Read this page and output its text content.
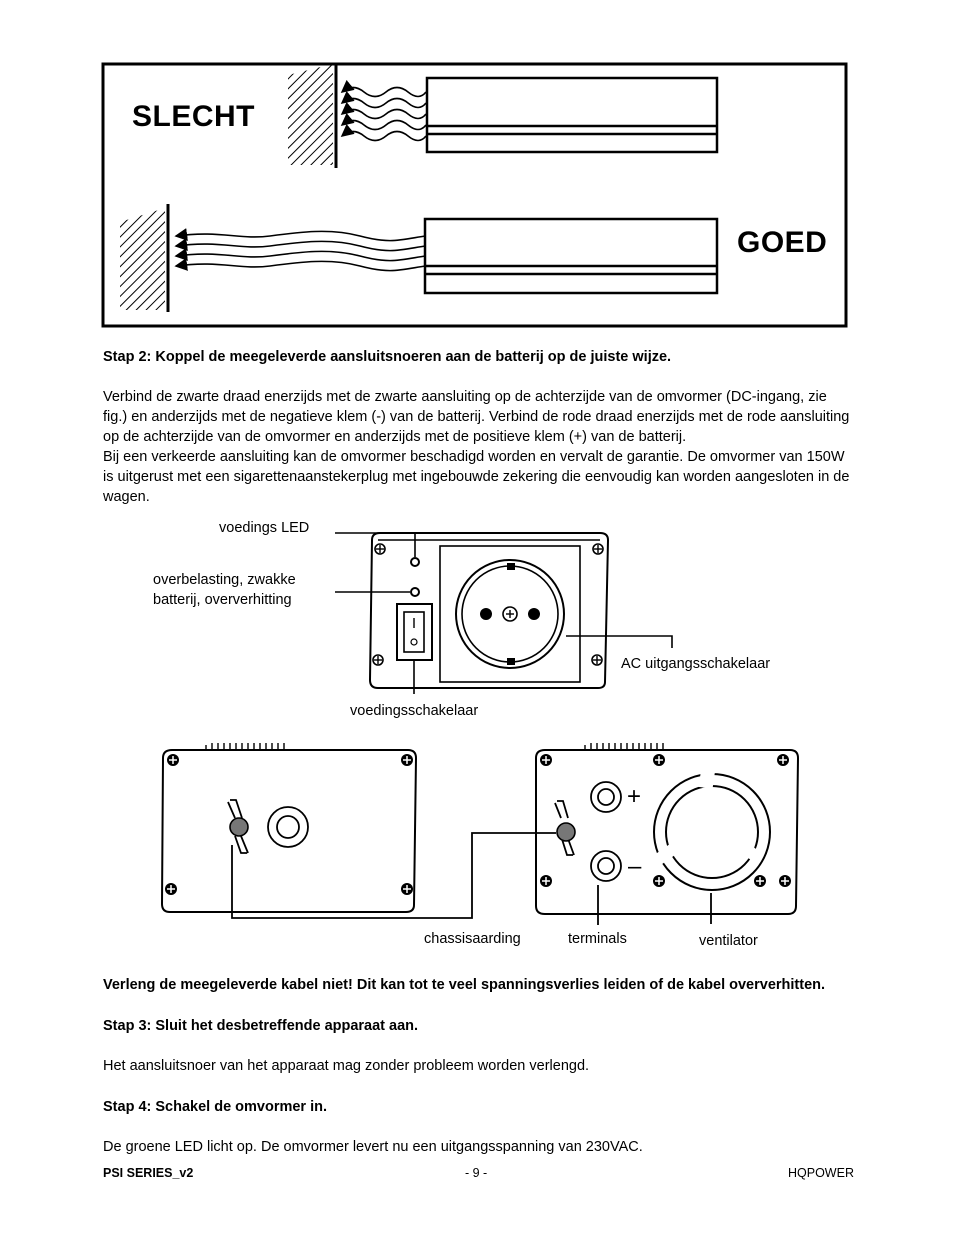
SLECHT
GOED
Stap 2: Koppel de meegeleverde aansluitsnoeren aan de batterij op de juiste wijze.
Verbind de zwarte draad enerzijds met de zwarte aansluiting op de achterzijde van de omvormer (DC-ingang, zie
fig.) en anderzijds met de negatieve klem (-) van de batterij. Verbind de rode draad enerzijds met de rode aansluiting
op de achterzijde van de omvormer en anderzijds met de positieve klem (+) van de batterij.
Bij een verkeerde aansluiting kan de omvormer beschadigd worden en vervalt de garantie. De omvormer van 150W
is uitgerust met een sigarettenaanstekerplug met ingebouwde zekering die eenvoudig kan worden aangesloten in de
wagen.
voedings LED
overbelasting, zwakke
batterij, oververhitting
AC uitgangsschakelaar
voedingsschakelaar
+
–
chassisaarding	terminals	ventilator
Verleng de meegeleverde kabel niet! Dit kan tot te veel spanningsverlies leiden of de kabel oververhitten.
Stap 3: Sluit het desbetreffende apparaat aan.
Het aansluitsnoer van het apparaat mag zonder probleem worden verlengd.
Stap 4: Schakel de omvormer in.
De groene LED licht op. De omvormer levert nu een uitgangsspanning van 230VAC.
PSI SERIES_v2	- 9 -	HQPOWER
